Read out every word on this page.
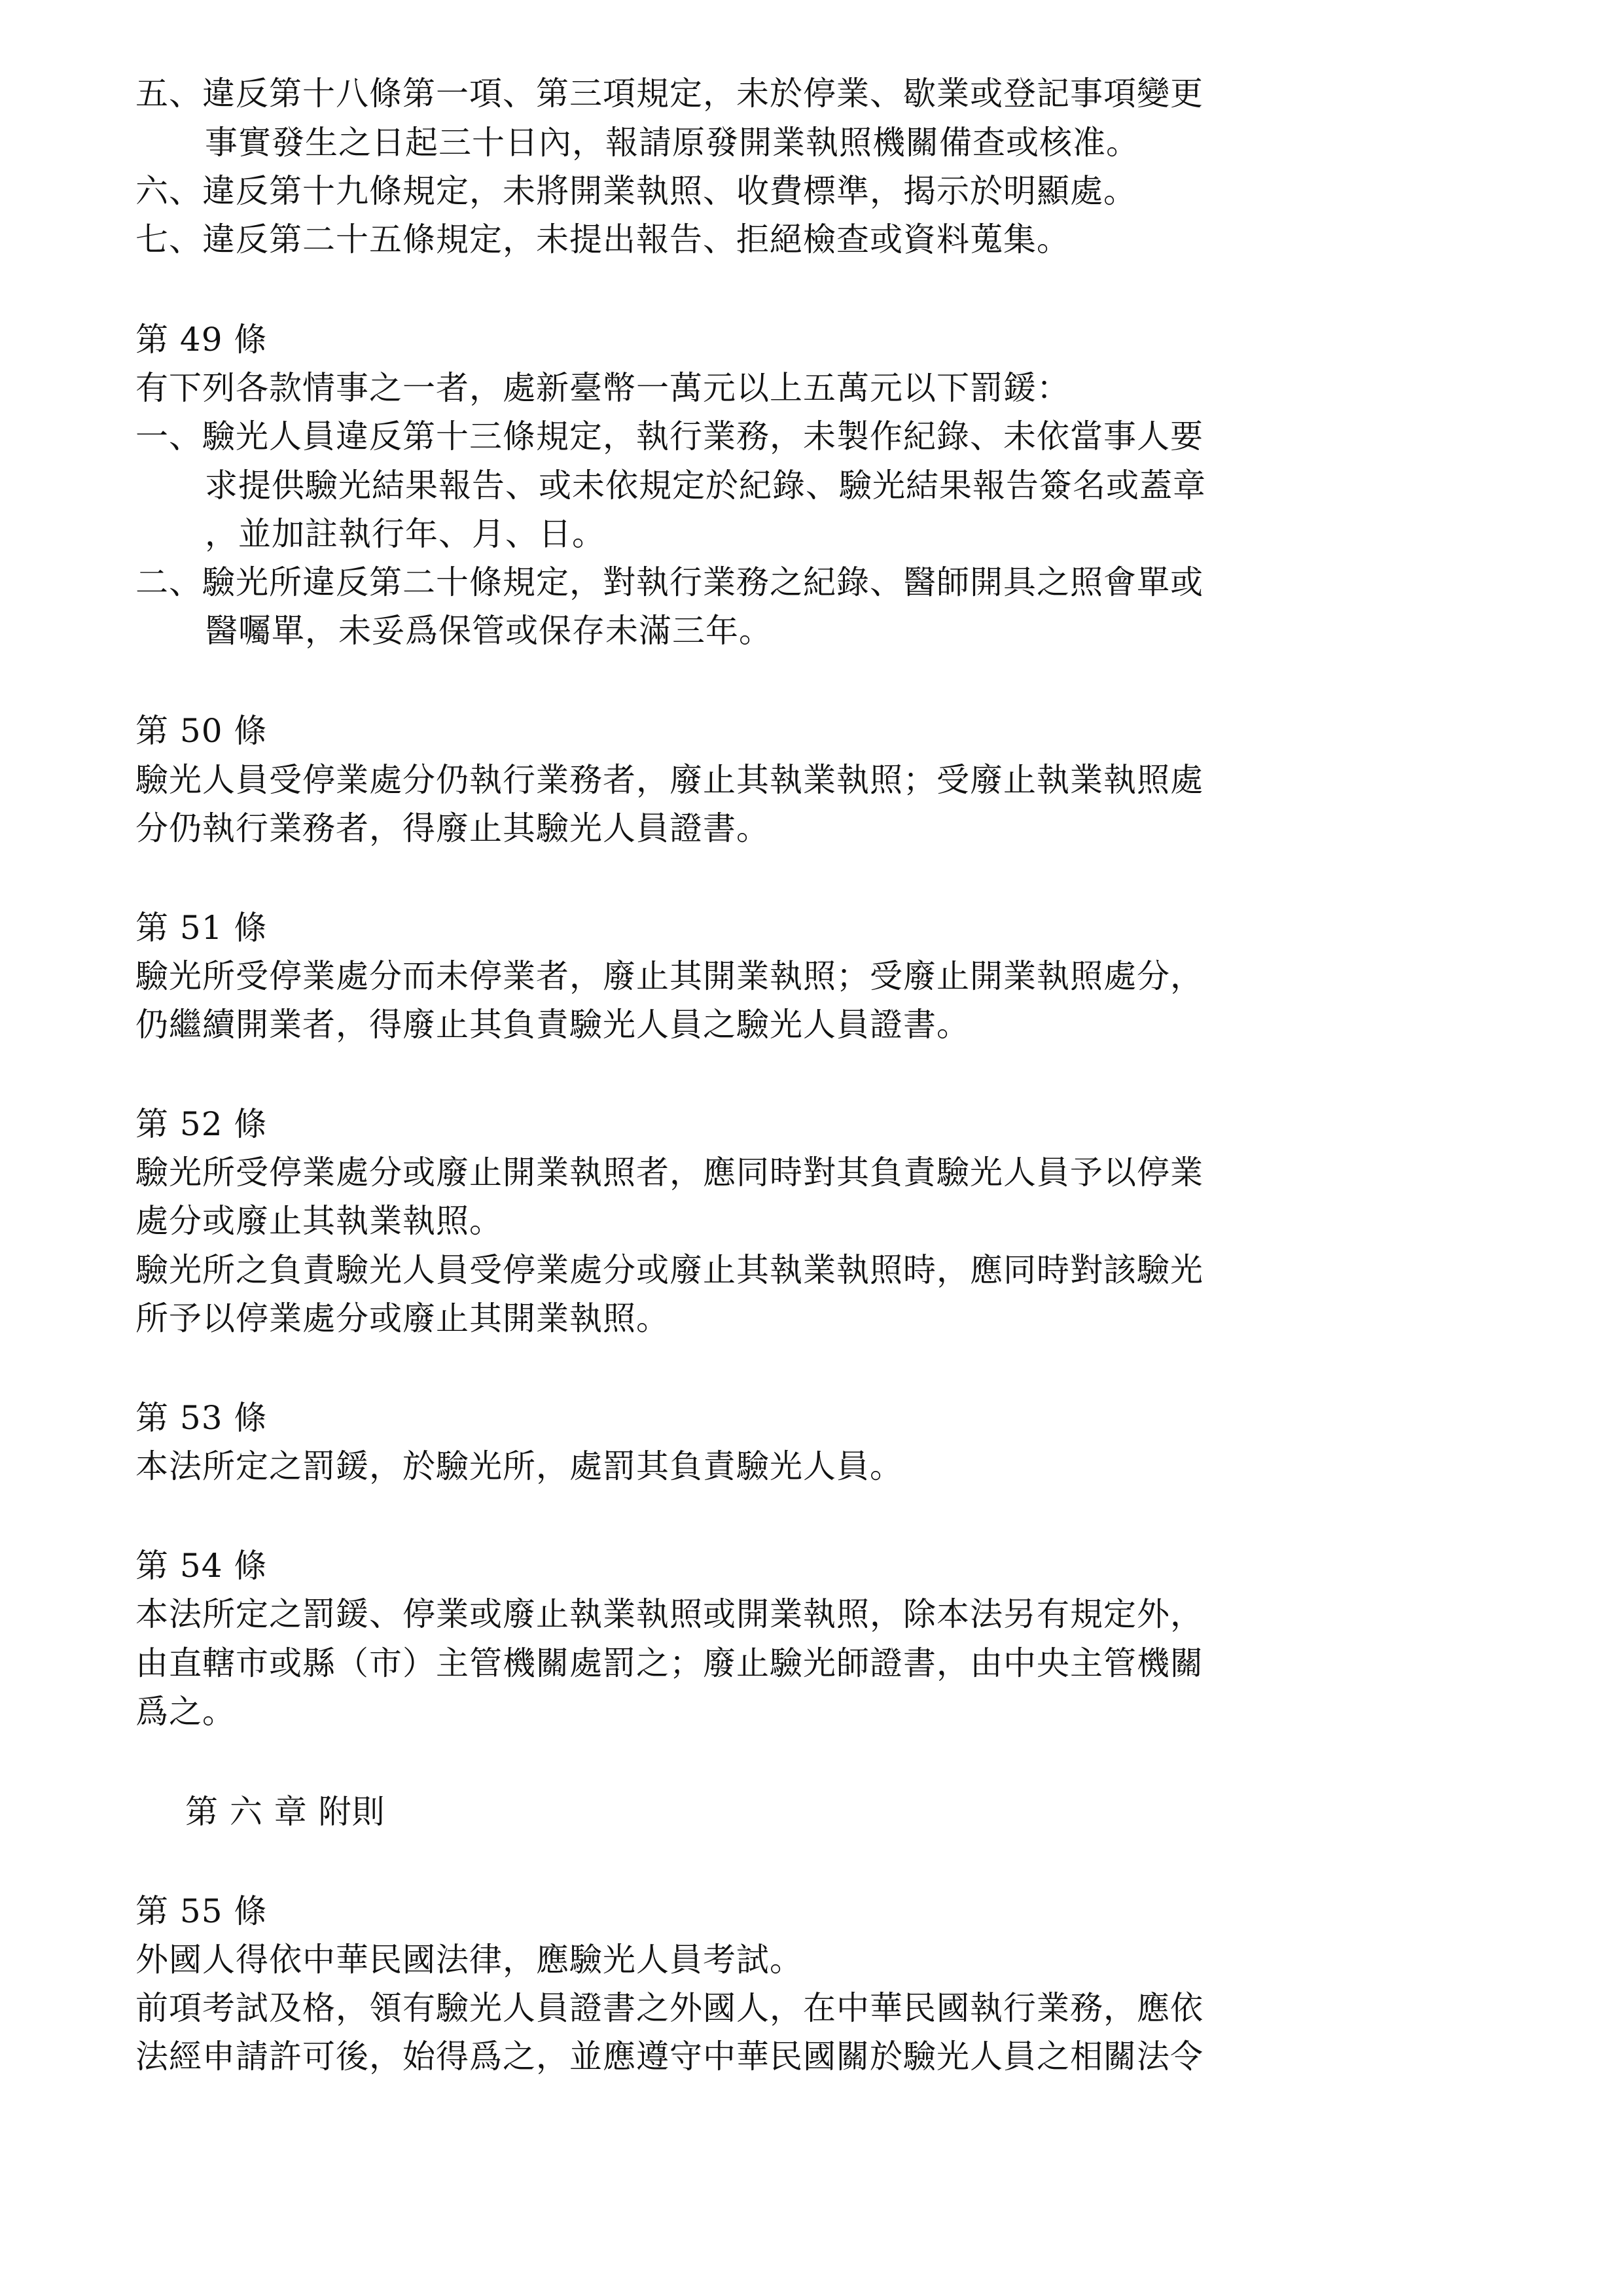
五、違反第十八條第一項、第三項規定，未於停業、歇業或登記事項變更

事實發生之日起三十日內，報請原發開業執照機關備查或核准。

六、違反第十九條規定，未將開業執照、收費標準，揭示於明顯處。

七、違反第二十五條規定，未提出報告、拒絕檢查或資料蒐集。

第 49 條

有下列各款情事之一者，處新臺幣一萬元以上五萬元以下罰鍰：

一、驗光人員違反第十三條規定，執行業務，未製作紀錄、未依當事人要

求提供驗光結果報告、或未依規定於紀錄、驗光結果報告簽名或蓋章

，並加註執行年、月、日。

二、驗光所違反第二十條規定，對執行業務之紀錄、醫師開具之照會單或

醫囑單，未妥爲保管或保存未滿三年。

第 50 條

驗光人員受停業處分仍執行業務者，廢止其執業執照；受廢止執業執照處

分仍執行業務者，得廢止其驗光人員證書。

第 51 條

驗光所受停業處分而未停業者，廢止其開業執照；受廢止開業執照處分，

仍繼續開業者，得廢止其負責驗光人員之驗光人員證書。

第 52 條

驗光所受停業處分或廢止開業執照者，應同時對其負責驗光人員予以停業

處分或廢止其執業執照。

驗光所之負責驗光人員受停業處分或廢止其執業執照時，應同時對該驗光

所予以停業處分或廢止其開業執照。

第 53 條

本法所定之罰鍰，於驗光所，處罰其負責驗光人員。

第 54 條

本法所定之罰鍰、停業或廢止執業執照或開業執照，除本法另有規定外，

由直轄市或縣（市）主管機關處罰之；廢止驗光師證書，由中央主管機關

爲之。

第 六 章 附則

第 55 條

外國人得依中華民國法律，應驗光人員考試。

前項考試及格，領有驗光人員證書之外國人，在中華民國執行業務，應依

法經申請許可後，始得爲之，並應遵守中華民國關於驗光人員之相關法令
